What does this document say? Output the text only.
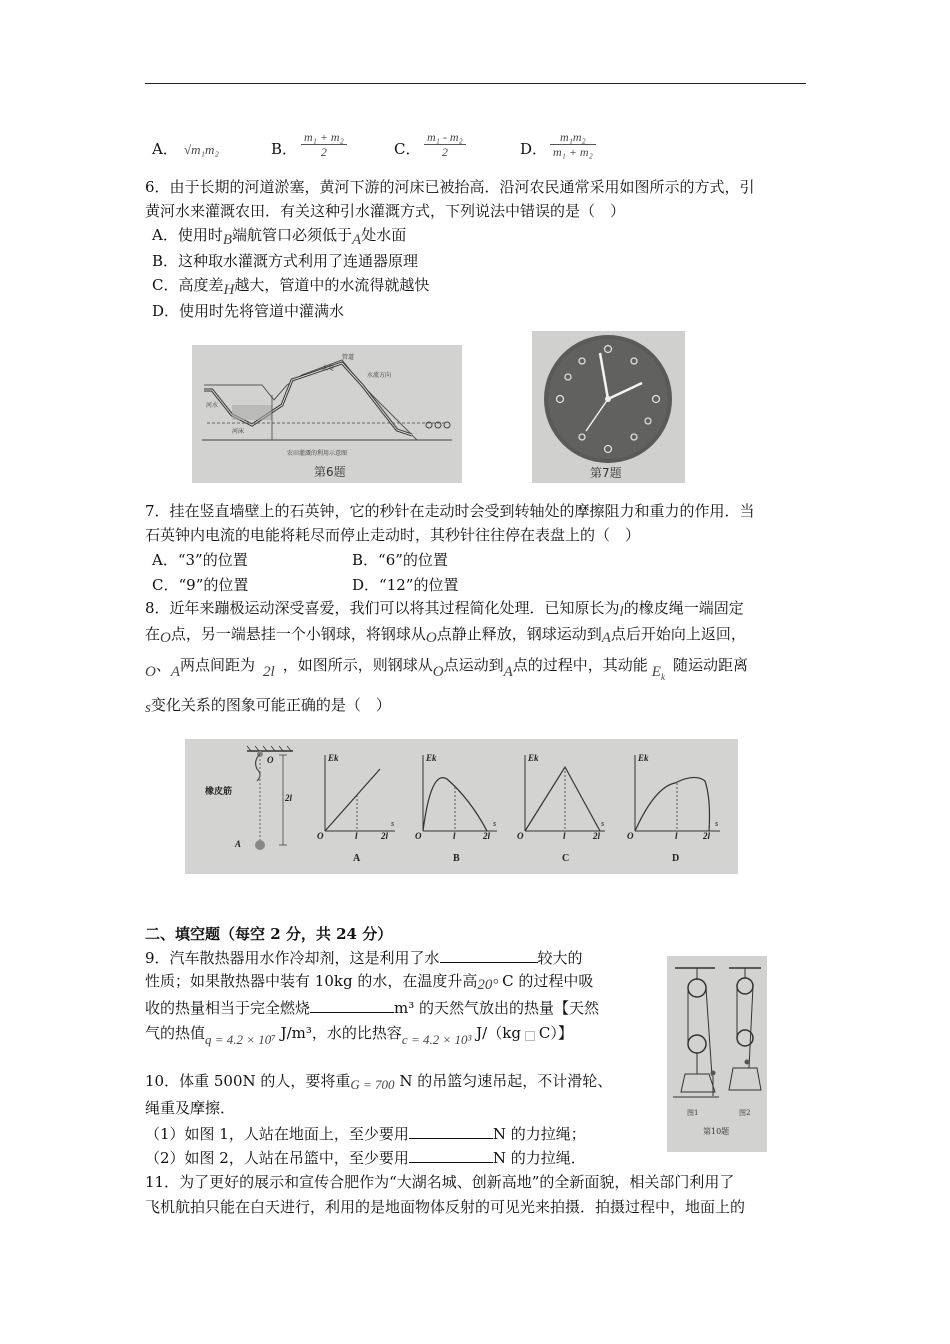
A． √m₁m₂	B． $\frac{\text{m₁ + m₂}}{2}$	C． $\frac{\text{m₁ - m₂}}{2}$	D． $\frac{\text{m₁m₂}}{\text{m₁ + m₂}}$
6．由于长期的河道淤塞，黄河下游的河床已被抬高．沿河农民通常采用如图所示的方式，引
黄河水来灌溉农田．有关这种引水灌溉方式，下列说法中错误的是（　）
A．使用时B端航管口必须低于A处水面
B．这种取水灌溉方式利用了连通器原理
C．高度差H越大，管道中的水流得就越快
D．使用时先将管道中灌满水
管道
大堤
水流方向
河水
河床
农田灌溉的利用示意图
第6题	第7题
7．挂在竖直墙壁上的石英钟，它的秒针在走动时会受到转轴处的摩擦阻力和重力的作用．当
石英钟内电流的电能将耗尽而停止走动时，其秒针往往停在表盘上的（　）
A．“3”的位置	B．“6”的位置
C．“9”的位置	D．“12”的位置
8．近年来蹦极运动深受喜爱，我们可以将其过程简化处理．已知原长为l的橡皮绳一端固定
在O点，另一端悬挂一个小钢球，将钢球从O点静止释放，钢球运动到A点后开始向上返回，
O、A两点间距为 2l ，如图所示，则钢球从O点运动到A点的过程中，其动能 $E_k$随运动距离
s变化关系的图象可能正确的是（　）
O
2l
A
橡皮筋
Ek
s
O	l	2l
A
Ek
s
O	l	2l
B
Ek
s
O	l	2l
C
Ek
s
O	l	2l
D
二、填空题（每空 2 分，共 24 分）
9．汽车散热器用水作冷却剂，这是利用了水	较大的
性质；如果散热器中装有 10kg 的水，在温度升高20° C 的过程中吸
收的热量相当于完全燃烧	m³ 的天然气放出的热量【天然
气的热值q = 4.2 × 10⁷ J/m³，水的比热容c = 4.2 × 10³ J/（kg C）】
10．体重 500N 的人，要将重G = 700 N 的吊篮匀速吊起，不计滑轮、
绳重及摩擦．
（1）如图 1，人站在地面上，至少要用	N 的力拉绳；
（2）如图 2，人站在吊篮中，至少要用	N 的力拉绳．
图1	图2
第10题
11．为了更好的展示和宣传合肥作为“大湖名城、创新高地”的全新面貌，相关部门利用了
飞机航拍只能在白天进行，利用的是地面物体反射的可见光来拍摄．拍摄过程中，地面上的
